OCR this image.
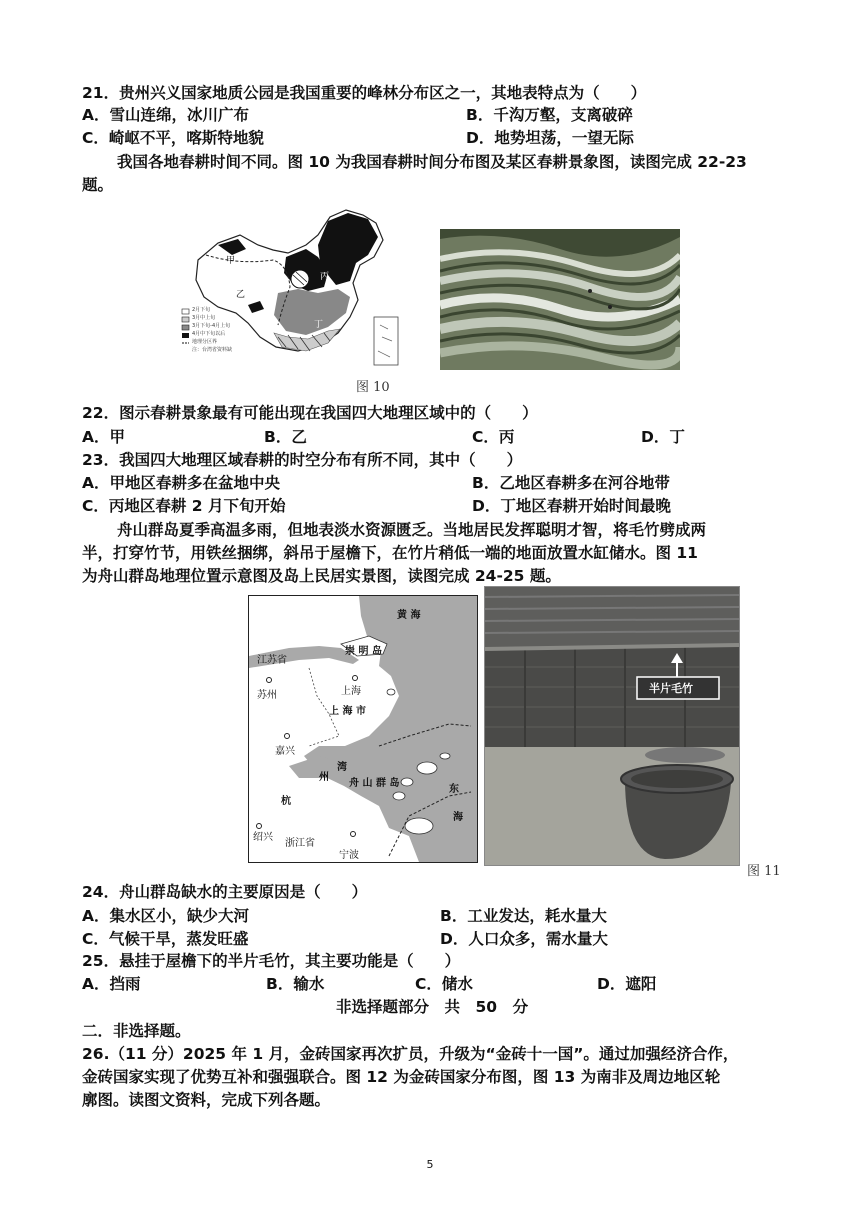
21．贵州兴义国家地质公园是我国重要的峰林分布区之一，其地表特点为（　　）
A．雪山连绵，冰川广布	B．千沟万壑，支离破碎
C．崎岖不平，喀斯特地貌	D．地势坦荡，一望无际
我国各地春耕时间不同。图 10 为我国春耕时间分布图及某区春耕景象图，读图完成 22-23
题。
甲
乙
丙
丁
2月下旬
3月中上旬
3月下旬-4月上旬
4月中下旬以后
地理分区界
注：台湾省资料缺
图 10
22．图示春耕景象最有可能出现在我国四大地理区域中的（　　）
A．甲	B．乙	C．丙	D．丁
23．我国四大地理区域春耕的时空分布有所不同，其中（　　）
A．甲地区春耕多在盆地中央	B．乙地区春耕多在河谷地带
C．丙地区春耕 2 月下旬开始	D．丁地区春耕开始时间最晚
舟山群岛夏季高温多雨，但地表淡水资源匮乏。当地居民发挥聪明才智，将毛竹劈成两
半，打穿竹节，用铁丝捆绑，斜吊于屋檐下，在竹片稍低一端的地面放置水缸储水。图 11
为舟山群岛地理位置示意图及岛上民居实景图，读图完成 24-25 题。
黄 海
崇 明 岛
江苏省
苏州	上海
上 海 市
嘉兴
州
湾
舟 山 群 岛
东
海
杭
绍兴
浙江省
宁波
半片毛竹
图 11
24．舟山群岛缺水的主要原因是（　　）
A．集水区小，缺少大河	B．工业发达，耗水量大
C．气候干旱，蒸发旺盛	D．人口众多，需水量大
25．悬挂于屋檐下的半片毛竹，其主要功能是（　　）
A．挡雨	B．输水	C．储水	D．遮阳
非选择题部分　共　50　分
二．非选择题。
26.（11 分）2025 年 1 月，金砖国家再次扩员，升级为“金砖十一国”。通过加强经济合作，
金砖国家实现了优势互补和强强联合。图 12 为金砖国家分布图，图 13 为南非及周边地区轮
廓图。读图文资料，完成下列各题。
5
